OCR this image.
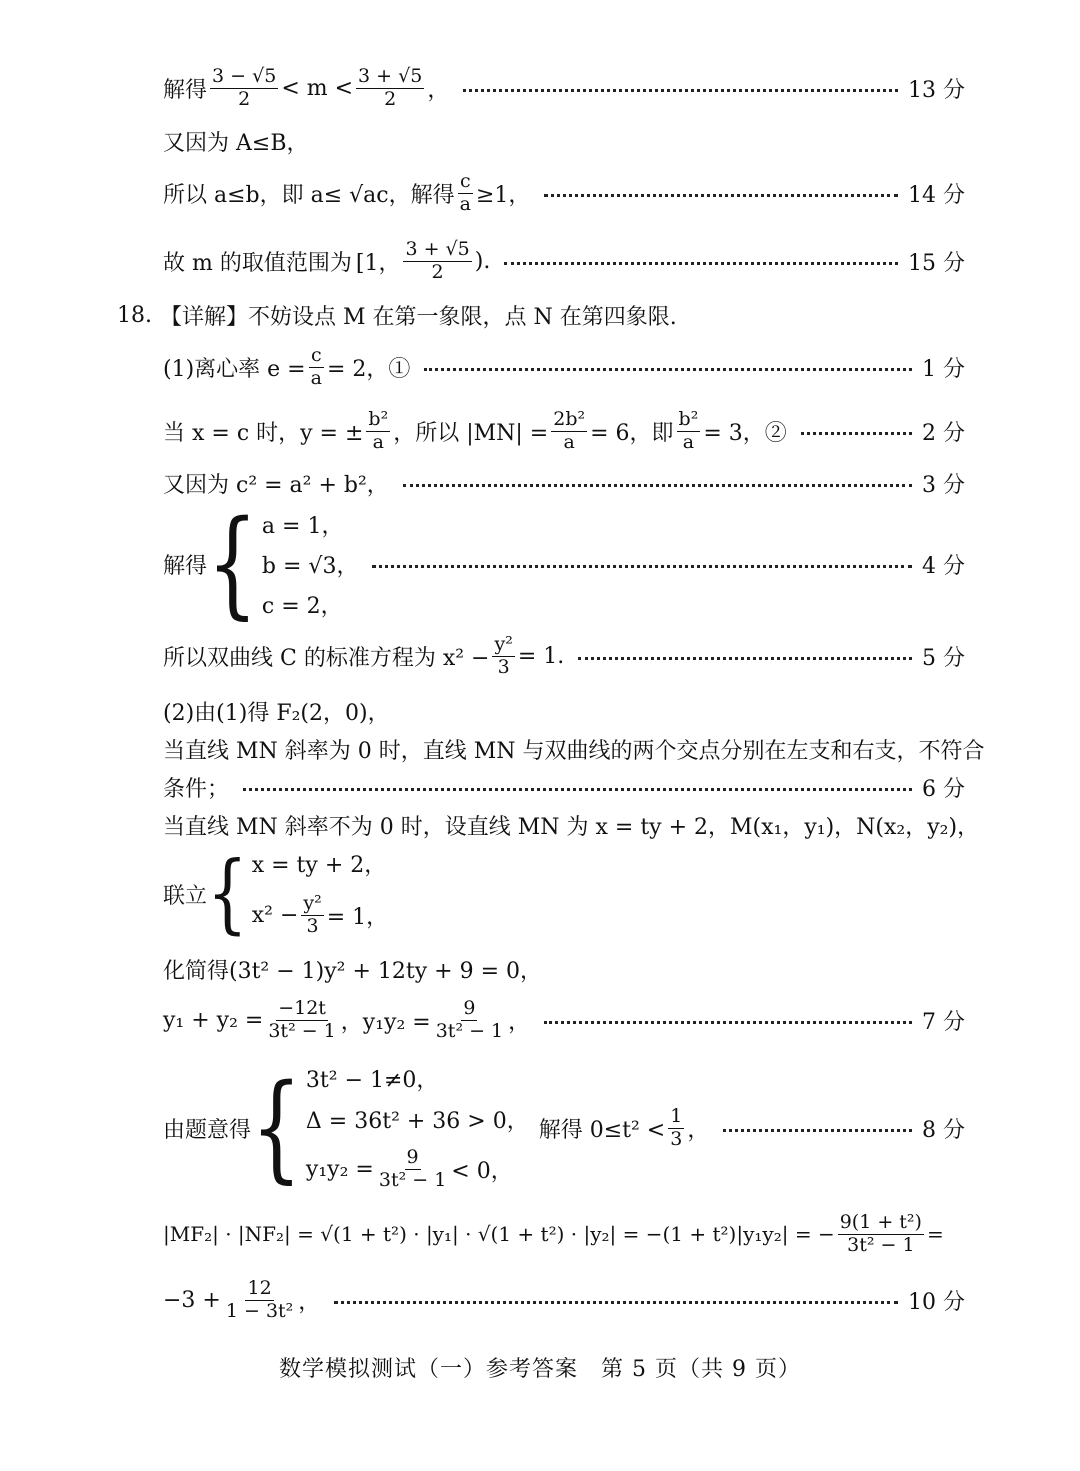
解得 $\frac{3 - √5}{2} < m < \frac{3 + √5}{2}$ ，	13 分
又因为 A≤B，
所以 a≤b，即 a≤ √ac，解得 $\frac{c}{a} \ge 1$，	14 分
故 m 的取值范围为 [1， $\frac{3 + √5}{2}$ ).	15 分
18. 【详解】不妨设点 M 在第一象限，点 N 在第四象限.
(1)离心率 $e = \frac{c}{a} = 2$，①	1 分
当 x = c 时，y = ± $\frac{\text{b²}}{a}$ ，所以 $|MN| = \frac{\text{2b²}}{a} = 6$，即 $\frac{\text{b²}}{a} = 3$，②	2 分
又因为 c² = a² + b²，	3 分
解得 { a = 1，
b = √3，
c = 2，
4 分
所以双曲线 C 的标准方程为 $x^2 - \frac{\text{y²}}{3} = 1$.	5 分
(2)由(1)得 F₂(2，0)，
当直线 MN 斜率为 0 时，直线 MN 与双曲线的两个交点分别在左支和右支，不符合
条件；	6 分
当直线 MN 斜率不为 0 时，设直线 MN 为 x = ty + 2，M(x₁，y₁)，N(x₂，y₂)，
联立 { x = ty + 2，
$x^2 - \frac{\text{y²}}{3} = 1$，
化简得(3t² − 1)y² + 12ty + 9 = 0，
$y_1 + y_2 = \frac{-12t}{\text{3t² − 1}}$ ，$y_1y_2 = \frac{9}{\text{3t² − 1}}$ ，	7 分
由题意得 { 3t² − 1≠0，
Δ = 36t² + 36 > 0，
$y_1y_2 = \frac{9}{\text{3t² − 1}} < 0$，
解得 $0\le t^2 < \frac{1}{3}$ ，	8 分
|MF₂| · |NF₂| = √(1 + t²) · |y₁| · √(1 + t²) · |y₂| = −(1 + t²)|y₁y₂| = − $\frac{\text{9(1 + t²)}}{\text{3t² − 1}}$ =
$-3 + \frac{12}{\text{1 − 3t²}}$ ，	10 分
数学模拟测试（一）参考答案　第 5 页（共 9 页）
